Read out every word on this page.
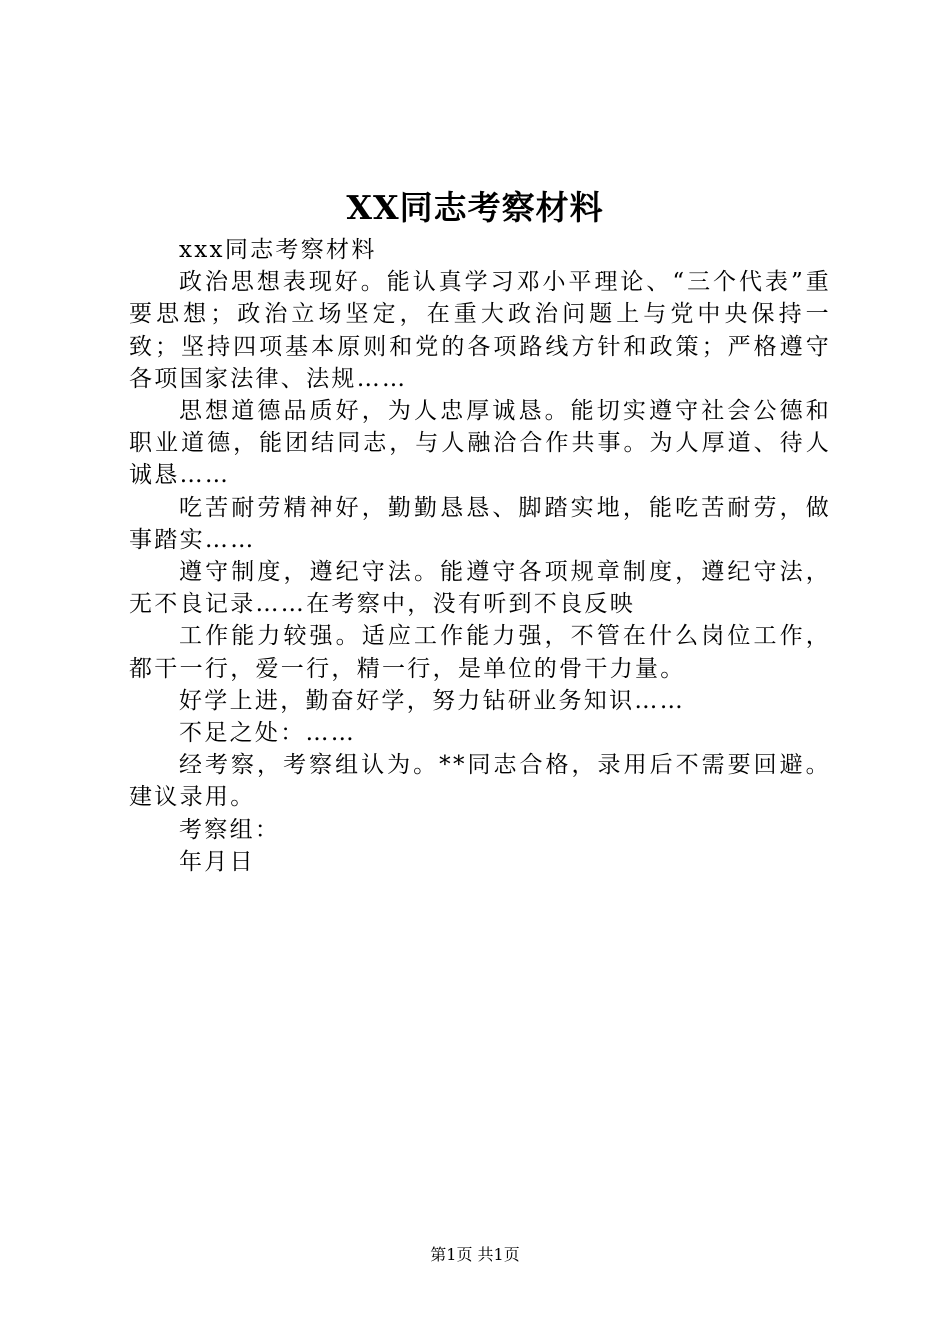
XX同志考察材料

xxx同志考察材料

政治思想表现好。能认真学习邓小平理论、“三个代表”重要思想；政治立场坚定，在重大政治问题上与党中央保持一致；坚持四项基本原则和党的各项路线方针和政策；严格遵守各项国家法律、法规……

思想道德品质好，为人忠厚诚恳。能切实遵守社会公德和职业道德，能团结同志，与人融洽合作共事。为人厚道、待人诚恳……

吃苦耐劳精神好，勤勤恳恳、脚踏实地，能吃苦耐劳，做事踏实……

遵守制度，遵纪守法。能遵守各项规章制度，遵纪守法，无不良记录……在考察中，没有听到不良反映

工作能力较强。适应工作能力强，不管在什么岗位工作，都干一行，爱一行，精一行，是单位的骨干力量。

好学上进，勤奋好学，努力钻研业务知识……

不足之处：……

经考察，考察组认为。**同志合格，录用后不需要回避。建议录用。

考察组：

年月日

第1页 共1页
